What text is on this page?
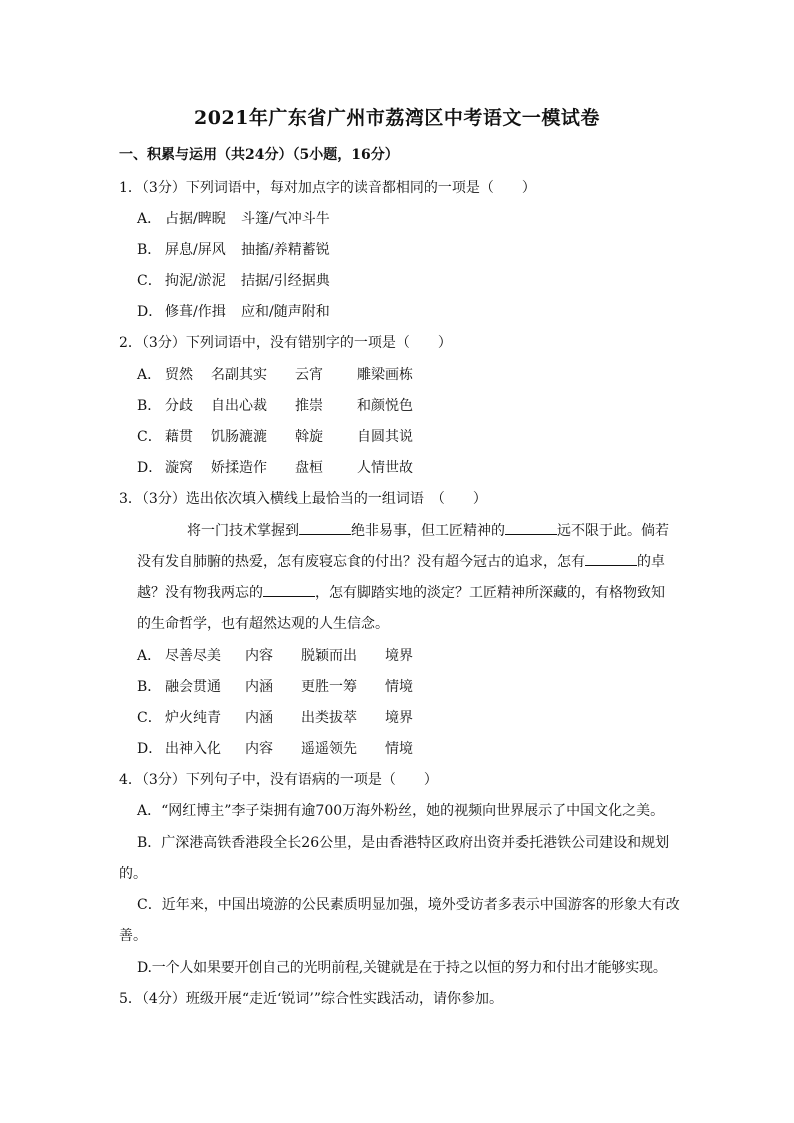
2021年广东省广州市荔湾区中考语文一模试卷
一、积累与运用（共24分）（5小题，16分）
1．（3分）下列词语中，每对加点字的读音都相同的一项是（　　）
A． 占据/睥睨 斗篷/气冲斗牛
B． 屏息/屏风 抽搐/养精蓄锐
C． 拘泥/淤泥 拮据/引经据典
D． 修葺/作揖 应和/随声附和
2．（3分）下列词语中，没有错别字的一项是（　　）
A． 贸然 名副其实 云宵 雕梁画栋
B． 分歧 自出心裁 推崇 和颜悦色
C． 藉贯 饥肠漉漉 斡旋 自圆其说
D． 漩窝 娇揉造作 盘桓 人情世故
3．（3分）选出依次填入横线上最恰当的一组词语　（　　）
将一门技术掌握到	绝非易事，但工匠精神的	远不限于此。倘若
没有发自肺腑的热爱，怎有废寝忘食的付出？没有超今冠古的追求，怎有	的卓
越？没有物我两忘的	，怎有脚踏实地的淡定？工匠精神所深藏的，有格物致知
的生命哲学，也有超然达观的人生信念。
A． 尽善尽美 内容 脱颖而出 境界
B． 融会贯通 内涵 更胜一筹 情境
C． 炉火纯青 内涵 出类拔萃 境界
D． 出神入化 内容 遥遥领先 情境
4．（3分）下列句子中，没有语病的一项是（　　）
A．“网红博主”李子柒拥有逾700万海外粉丝，她的视频向世界展示了中国文化之美。
B．广深港高铁香港段全长26公里，是由香港特区政府出资并委托港铁公司建设和规划
的。
C．近年来，中国出境游的公民素质明显加强，境外受访者多表示中国游客的形象大有改
善。
D.一个人如果要开创自己的光明前程,关键就是在于持之以恒的努力和付出才能够实现。
5．（4分）班级开展“走近‘锐词’”综合性实践活动，请你参加。
